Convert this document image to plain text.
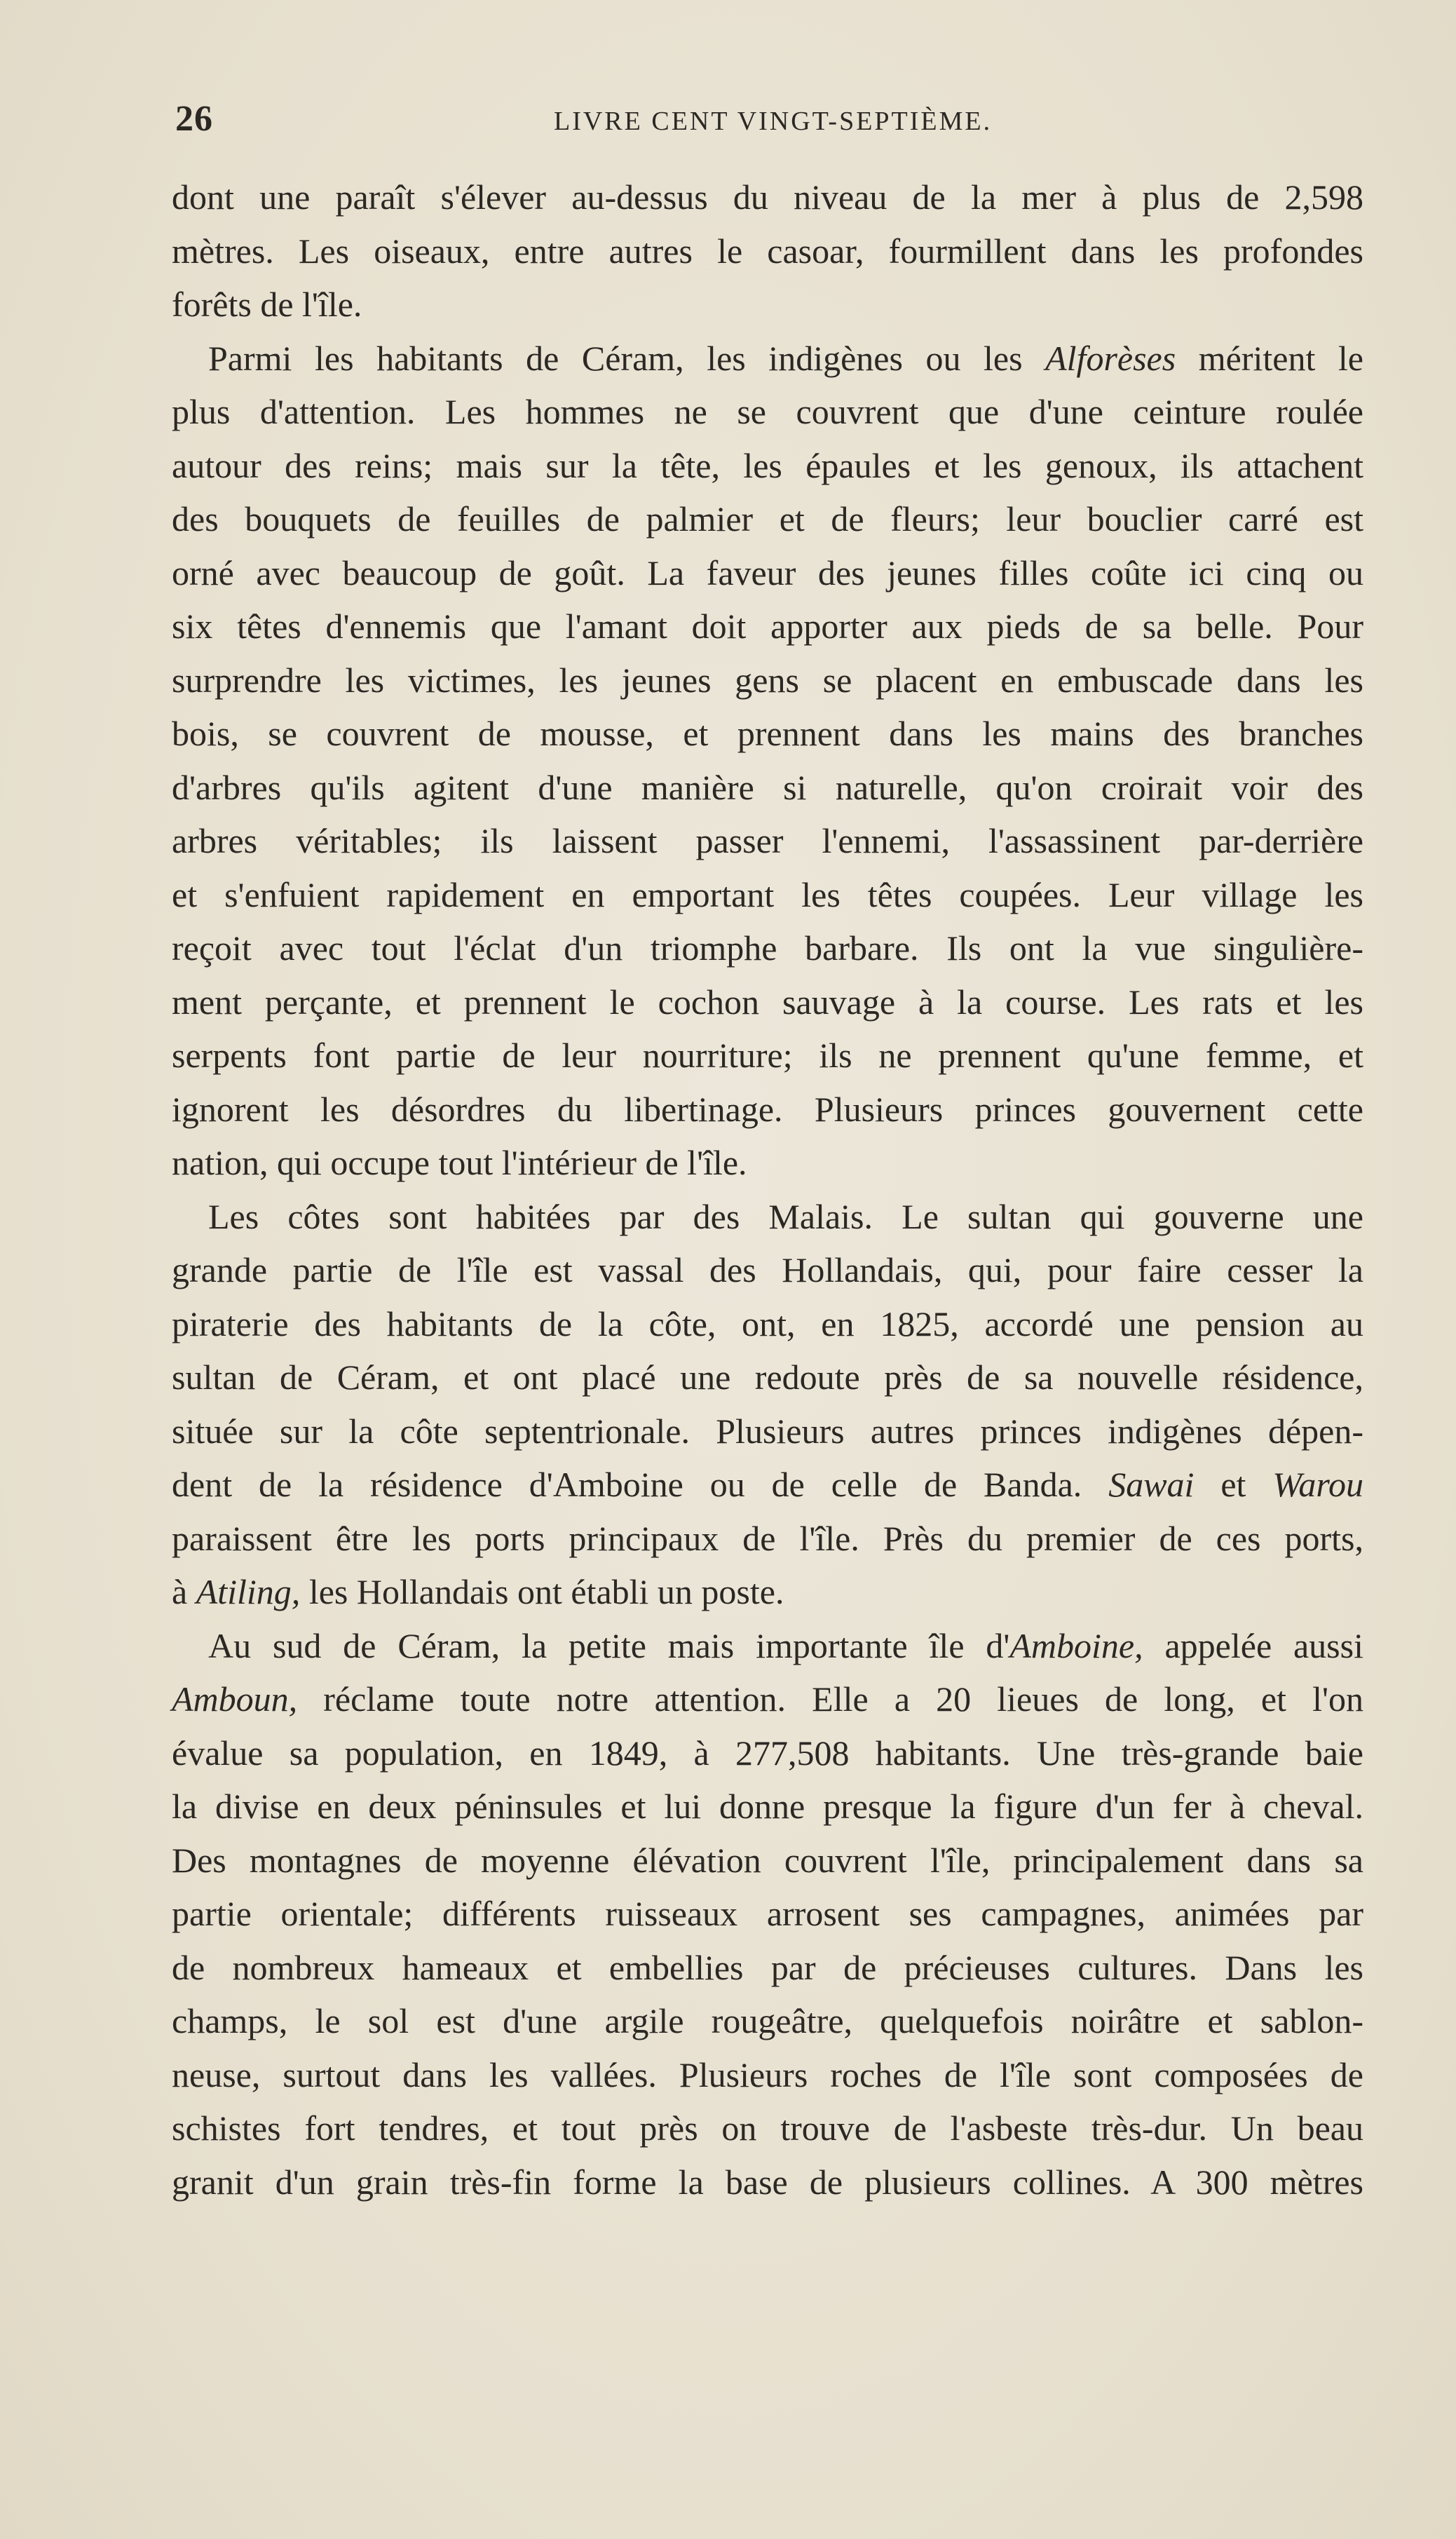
26	LIVRE CENT VINGT-SEPTIÈME.
dont une paraît s'élever au-dessus du niveau de la mer à plus de 2,598
mètres. Les oiseaux, entre autres le casoar, fourmillent dans les profondes
forêts de l'île.
Parmi les habitants de Céram, les indigènes ou les Alforèses méritent le
plus d'attention. Les hommes ne se couvrent que d'une ceinture roulée
autour des reins; mais sur la tête, les épaules et les genoux, ils attachent
des bouquets de feuilles de palmier et de fleurs; leur bouclier carré est
orné avec beaucoup de goût. La faveur des jeunes filles coûte ici cinq ou
six têtes d'ennemis que l'amant doit apporter aux pieds de sa belle. Pour
surprendre les victimes, les jeunes gens se placent en embuscade dans les
bois, se couvrent de mousse, et prennent dans les mains des branches
d'arbres qu'ils agitent d'une manière si naturelle, qu'on croirait voir des
arbres véritables; ils laissent passer l'ennemi, l'assassinent par-derrière
et s'enfuient rapidement en emportant les têtes coupées. Leur village les
reçoit avec tout l'éclat d'un triomphe barbare. Ils ont la vue singulière-
ment perçante, et prennent le cochon sauvage à la course. Les rats et les
serpents font partie de leur nourriture; ils ne prennent qu'une femme, et
ignorent les désordres du libertinage. Plusieurs princes gouvernent cette
nation, qui occupe tout l'intérieur de l'île.
Les côtes sont habitées par des Malais. Le sultan qui gouverne une
grande partie de l'île est vassal des Hollandais, qui, pour faire cesser la
piraterie des habitants de la côte, ont, en 1825, accordé une pension au
sultan de Céram, et ont placé une redoute près de sa nouvelle résidence,
située sur la côte septentrionale. Plusieurs autres princes indigènes dépen-
dent de la résidence d'Amboine ou de celle de Banda. Sawai et Warou
paraissent être les ports principaux de l'île. Près du premier de ces ports,
à Atiling, les Hollandais ont établi un poste.
Au sud de Céram, la petite mais importante île d'Amboine, appelée aussi
Amboun, réclame toute notre attention. Elle a 20 lieues de long, et l'on
évalue sa population, en 1849, à 277,508 habitants. Une très-grande baie
la divise en deux péninsules et lui donne presque la figure d'un fer à cheval.
Des montagnes de moyenne élévation couvrent l'île, principalement dans sa
partie orientale; différents ruisseaux arrosent ses campagnes, animées par
de nombreux hameaux et embellies par de précieuses cultures. Dans les
champs, le sol est d'une argile rougeâtre, quelquefois noirâtre et sablon-
neuse, surtout dans les vallées. Plusieurs roches de l'île sont composées de
schistes fort tendres, et tout près on trouve de l'asbeste très-dur. Un beau
granit d'un grain très-fin forme la base de plusieurs collines. A 300 mètres
